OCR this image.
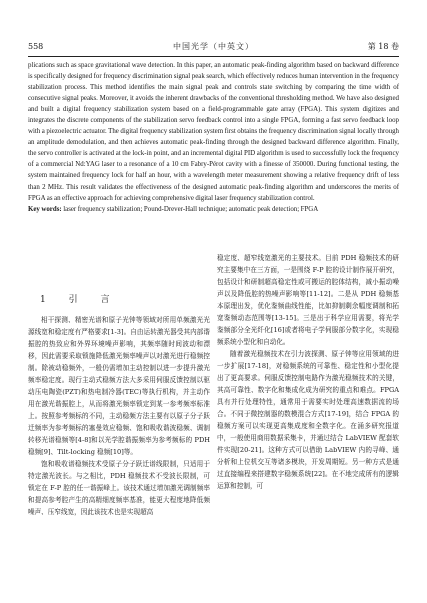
558	中国光学（中英文）	第 18 卷

plications such as space gravitational wave detection. In this paper, an automatic peak-finding algorithm based on backward difference is specifically designed for frequency discrimination signal peak search, which effectively reduces human intervention in the frequency stabilization process. This method identifies the main signal peak and controls state switching by comparing the time width of consecutive signal peaks. Moreover, it avoids the inherent drawbacks of the conventional thresholding method. We have also designed and built a digital frequency stabilization system based on a field-programmable gate array (FPGA). This system digitizes and integrates the discrete components of the stabilization servo feedback control into a single FPGA, forming a fast servo feedback loop with a piezoelectric actuator. The digital frequency stabilization system first obtains the frequency discrimination signal locally through an amplitude demodulation, and then achieves automatic peak-finding through the designed backward difference algorithm. Finally, the servo controller is activated at the lock-in point, and an incremental digital PID algorithm is used to successfully lock the frequency of a commercial Nd:YAG laser to a resonance of a 10 cm Fabry-Pérot cavity with a finesse of 350000. During functional testing, the system maintained frequency lock for half an hour, with a wavelength meter measurement showing a relative frequency drift of less than 2 MHz. This result validates the effectiveness of the designed automatic peak-finding algorithm and underscores the merits of FPGA as an effective approach for achieving comprehensive digital laser frequency stabilization control.

Key words: laser frequency stabilization; Pound-Drever-Hall technique; automatic peak detection; FPGA

1 引 言

相干探测、精密光谱和原子光钟等领域对所用单频激光光源线宽和稳定度有严格要求[1-3]。自由运转激光器受其内部谐振腔的热致应和外界环境噪声影响，其频率随时间波动和漂移，因此需要采取锁施降低激光频率噪声以对激光进行稳频控制。除被动稳频外，一般仍需增加主动控制以进一步提升激光频率稳定度。现行主动式稳频方法大多采用伺服反馈控制以驱动压电陶瓷(PZT)和热电制冷器(TEC)等执行机构，并主动作用在激光谐振腔上，从而将激光频率锁定到某一参考频率标准上。按照参考频标的不同，主动稳频方法主要有以原子分子跃迁频率为参考频标的塞曼效应稳频、饱和吸收谐波稳频、调制转移光谱稳频等[4-8]和以光学腔谐振频率为参考频标的 PDH 稳频[9]、Tilt-locking 稳频[10]等。

饱和吸收谱稳频技术受原子分子跃迁谱线限制，只适用于特定激光波长。与之相比，PDH 稳频技术不受波长限制，可锁定在 F-P 腔的任一谐振峰上。该技术通过增加激光调制频率和提高参考腔产生的高精细度频率基准，能更大程度地降低频噪声、压窄线宽，因此该技术也是实现超高

稳定度、超窄线宽激光的主要技术。目前 PDH 稳频技术的研究主要集中在三方面，一是围绕 F-P 腔的设计制作展开研究，包括设计和研制超高稳定性或可搬运的腔体结构，减小振动噪声以及降低腔的热噪声影响等[11-12]。二是从 PDH 稳频基本原理出发，优化鉴频曲线性能，比如抑制剩余幅度调制和拓宽鉴频动态范围等[13-15]。三是出于科学应用需要，将光学鉴频部分全光纤化[16]或者将电子学伺服部分数字化，实现稳频系统小型化和自动化。

随着激光稳频技术在引力波探测、原子钟等应用领域的进一步扩展[17-18]，对稳频系统的可靠性、稳定性和小型化提出了更高要求。伺服反馈控制电路作为激光稳频技术的关键，其高可靠性、数字化和集成化成为研究的重点和难点。FPGA 具有并行处理特性，通常用于需要实时处理高速数据流的场合。不同于微控制器的数模混合方式[17-19]，结合 FPGA 的稳频方案可以实现更高集成度和全数字化。在涌多研究报道中，一般使用商用数据采集卡，并通过结合 LabVIEW 配套软件实现[20-21]。这种方式可以借助 LabVIEW 内的寻峰、通分析和上位机交互等诸多模块，开发周期短。另一种方式是通过直接编程来搭建数字稳频系统[22]。在不地完成所有的逻辑运算和控制，可
